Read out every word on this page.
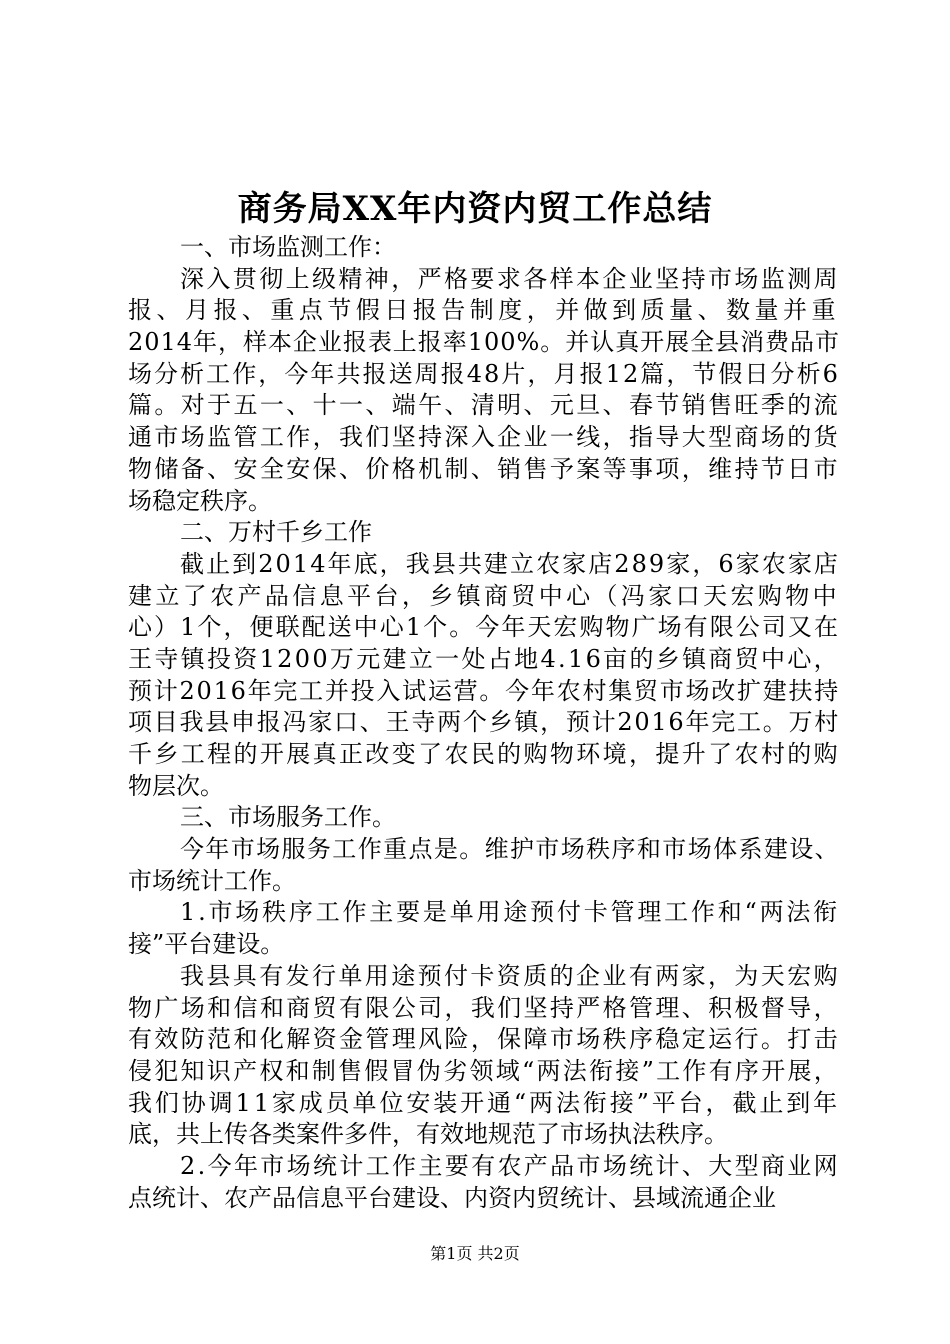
商务局XX年内资内贸工作总结
一、市场监测工作：
深入贯彻上级精神，严格要求各样本企业坚持市场监测周
报、月报、重点节假日报告制度，并做到质量、数量并重
2014年，样本企业报表上报率100%。并认真开展全县消费品市
场分析工作，今年共报送周报48片，月报12篇，节假日分析6
篇。对于五一、十一、端午、清明、元旦、春节销售旺季的流
通市场监管工作，我们坚持深入企业一线，指导大型商场的货
物储备、安全安保、价格机制、销售予案等事项，维持节日市
场稳定秩序。
二、万村千乡工作
截止到2014年底，我县共建立农家店289家，6家农家店
建立了农产品信息平台，乡镇商贸中心（冯家口天宏购物中
心）1个，便联配送中心1个。今年天宏购物广场有限公司又在
王寺镇投资1200万元建立一处占地4.16亩的乡镇商贸中心，
预计2016年完工并投入试运营。今年农村集贸市场改扩建扶持
项目我县申报冯家口、王寺两个乡镇，预计2016年完工。万村
千乡工程的开展真正改变了农民的购物环境，提升了农村的购
物层次。
三、市场服务工作。
今年市场服务工作重点是。维护市场秩序和市场体系建设、
市场统计工作。
1.市场秩序工作主要是单用途预付卡管理工作和“两法衔
接”平台建设。
我县具有发行单用途预付卡资质的企业有两家，为天宏购
物广场和信和商贸有限公司，我们坚持严格管理、积极督导，
有效防范和化解资金管理风险，保障市场秩序稳定运行。打击
侵犯知识产权和制售假冒伪劣领域“两法衔接”工作有序开展，
我们协调11家成员单位安装开通“两法衔接”平台，截止到年
底，共上传各类案件多件，有效地规范了市场执法秩序。
2.今年市场统计工作主要有农产品市场统计、大型商业网
点统计、农产品信息平台建设、内资内贸统计、县域流通企业
第1页 共2页
